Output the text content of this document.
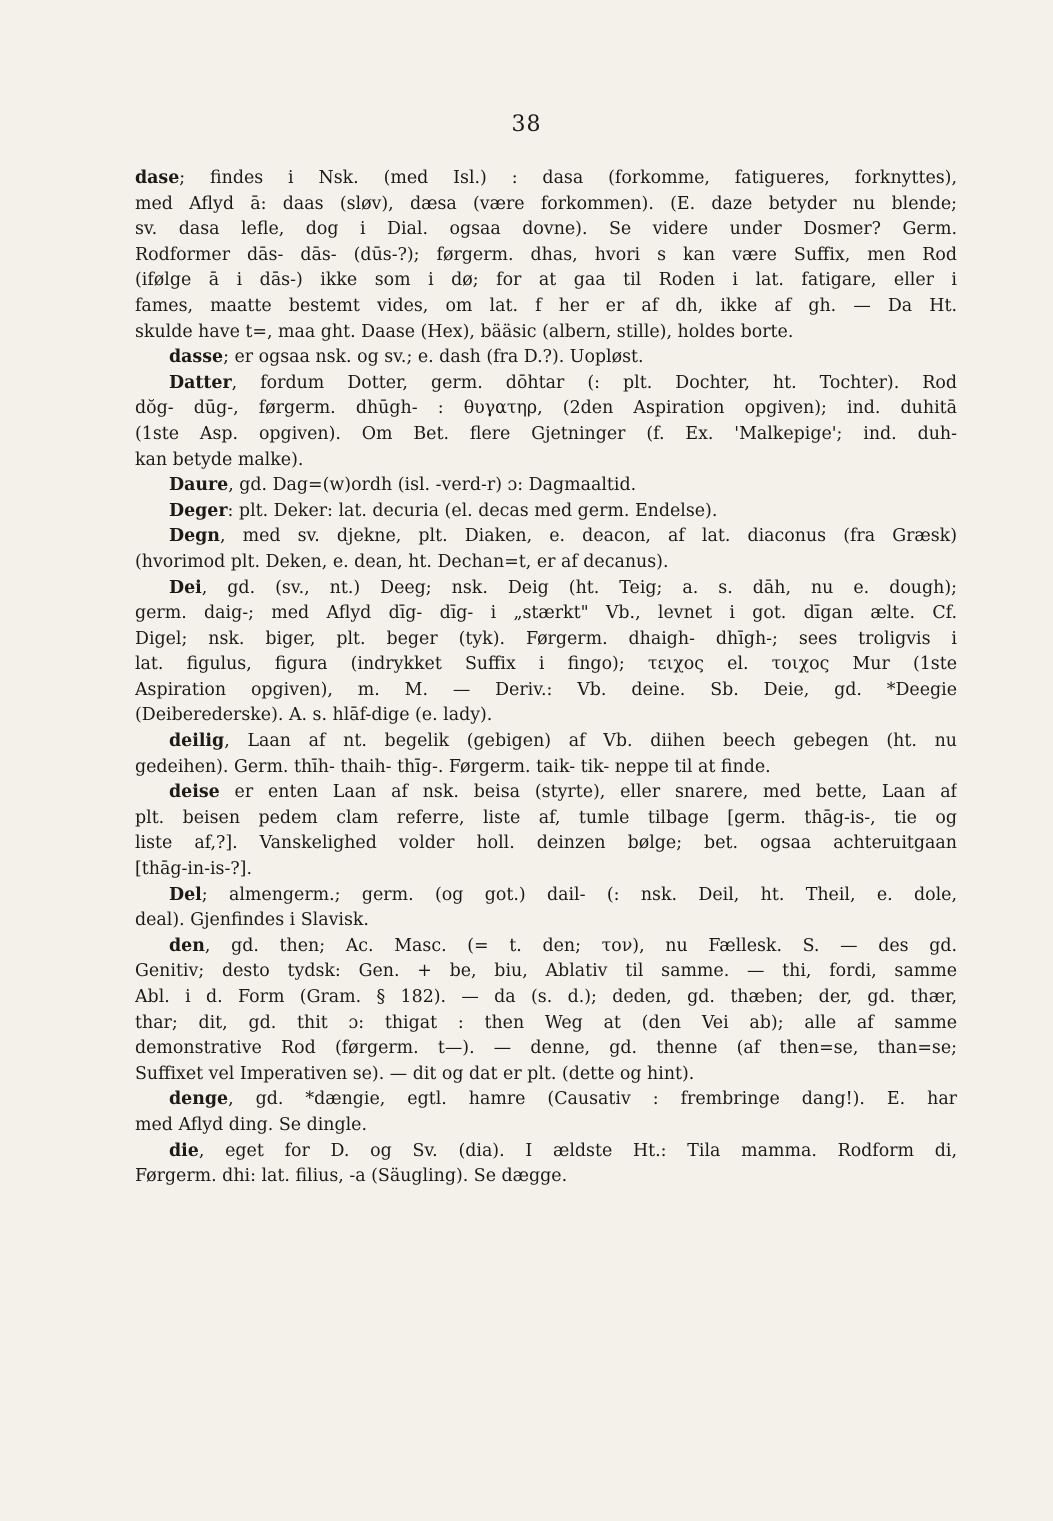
38
dase; findes i Nsk. (med Isl.) : dasa (forkomme, fatigueres, forknyttes),
med Aflyd ā: daas (sløv), dæsa (være forkommen). (E. daze betyder nu blende;
sv. dasa lefle, dog i Dial. ogsaa dovne). Se videre under Dosmer? Germ.
Rodformer dās- dās- (dūs-?); førgerm. dhas, hvori s kan være Suffix, men Rod
(ifølge ā i dās-) ikke som i dø; for at gaa til Roden i lat. fatigare, eller i
fames, maatte bestemt vides, om lat. f her er af dh, ikke af gh. — Da Ht.
skulde have t=, maa ght. Daase (Hex), bääsic (albern, stille), holdes borte.
dasse; er ogsaa nsk. og sv.; e. dash (fra D.?). Uopløst.
Datter, fordum Dotter, germ. dōhtar (: plt. Dochter, ht. Tochter). Rod
dŏg- dūg-, førgerm. dhūgh- : θυγατηρ, (2den Aspiration opgiven); ind. duhitā
(1ste Asp. opgiven). Om Bet. flere Gjetninger (f. Ex. 'Malkepige'; ind. duh-
kan betyde malke).
Daure, gd. Dag=(w)ordh (isl. -verd-r) ɔ: Dagmaaltid.
Deger: plt. Deker: lat. decuria (el. decas med germ. Endelse).
Degn, med sv. djekne, plt. Diaken, e. deacon, af lat. diaconus (fra Græsk)
(hvorimod plt. Deken, e. dean, ht. Dechan=t, er af decanus).
Dei, gd. (sv., nt.) Deeg; nsk. Deig (ht. Teig; a. s. dāh, nu e. dough);
germ. daig-; med Aflyd dīg- dīg- i „stærkt" Vb., levnet i got. dīgan ælte. Cf.
Digel; nsk. biger, plt. beger (tyk). Førgerm. dhaigh- dhīgh-; sees troligvis i
lat. figulus, figura (indrykket Suffix i fingo); τειχος el. τοιχος Mur (1ste
Aspiration opgiven), m. M. — Deriv.: Vb. deine. Sb. Deie, gd. *Deegie
(Deiberederske). A. s. hlāf-dige (e. lady).
deilig, Laan af nt. begelik (gebigen) af Vb. diihen beech gebegen (ht. nu
gedeihen). Germ. thīh- thaih- thīg-. Førgerm. taik- tik- neppe til at finde.
deise er enten Laan af nsk. beisa (styrte), eller snarere, med bette, Laan af
plt. beisen pedem clam referre, liste af, tumle tilbage [germ. thāg-is-, tie og
liste af,?]. Vanskelighed volder holl. deinzen bølge; bet. ogsaa achteruitgaan
[thāg-in-is-?].
Del; almengerm.; germ. (og got.) dail- (: nsk. Deil, ht. Theil, e. dole,
deal). Gjenfindes i Slavisk.
den, gd. then; Ac. Masc. (= t. den; τον), nu Fællesk. S. — des gd.
Genitiv; desto tydsk: Gen. + be, biu, Ablativ til samme. — thi, fordi, samme
Abl. i d. Form (Gram. § 182). — da (s. d.); deden, gd. thæben; der, gd. thær,
thar; dit, gd. thit ɔ: thigat : then Weg at (den Vei ab); alle af samme
demonstrative Rod (førgerm. t—). — denne, gd. thenne (af then=se, than=se;
Suffixet vel Imperativen se). — dit og dat er plt. (dette og hint).
denge, gd. *dængie, egtl. hamre (Causativ : frembringe dang!). E. har
med Aflyd ding. Se dingle.
die, eget for D. og Sv. (dia). I ældste Ht.: Tila mamma. Rodform di,
Førgerm. dhi: lat. filius, -a (Säugling). Se dægge.
